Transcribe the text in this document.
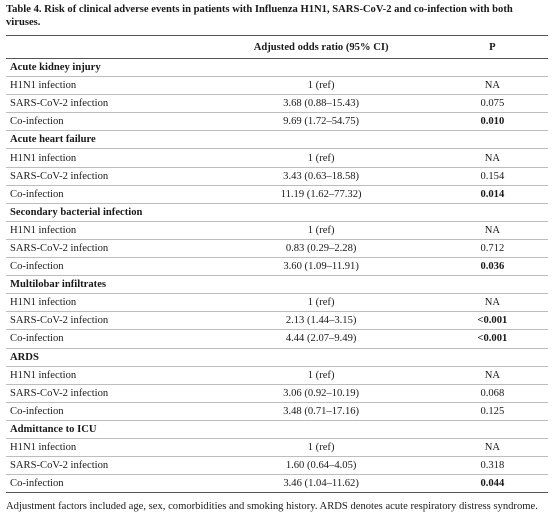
Table 4. Risk of clinical adverse events in patients with Influenza H1N1, SARS-CoV-2 and co-infection with both viruses.
	Adjusted odds ratio (95% CI)	P
Acute kidney injury		
H1N1 infection	1 (ref)	NA
SARS-CoV-2 infection	3.68 (0.88–15.43)	0.075
Co-infection	9.69 (1.72–54.75)	0.010
Acute heart failure		
H1N1 infection	1 (ref)	NA
SARS-CoV-2 infection	3.43 (0.63–18.58)	0.154
Co-infection	11.19 (1.62–77.32)	0.014
Secondary bacterial infection		
H1N1 infection	1 (ref)	NA
SARS-CoV-2 infection	0.83 (0.29–2.28)	0.712
Co-infection	3.60 (1.09–11.91)	0.036
Multilobar infiltrates		
H1N1 infection	1 (ref)	NA
SARS-CoV-2 infection	2.13 (1.44–3.15)	<0.001
Co-infection	4.44 (2.07–9.49)	<0.001
ARDS		
H1N1 infection	1 (ref)	NA
SARS-CoV-2 infection	3.06 (0.92–10.19)	0.068
Co-infection	3.48 (0.71–17.16)	0.125
Admittance to ICU		
H1N1 infection	1 (ref)	NA
SARS-CoV-2 infection	1.60 (0.64–4.05)	0.318
Co-infection	3.46 (1.04–11.62)	0.044
Adjustment factors included age, sex, comorbidities and smoking history. ARDS denotes acute respiratory distress syndrome.
